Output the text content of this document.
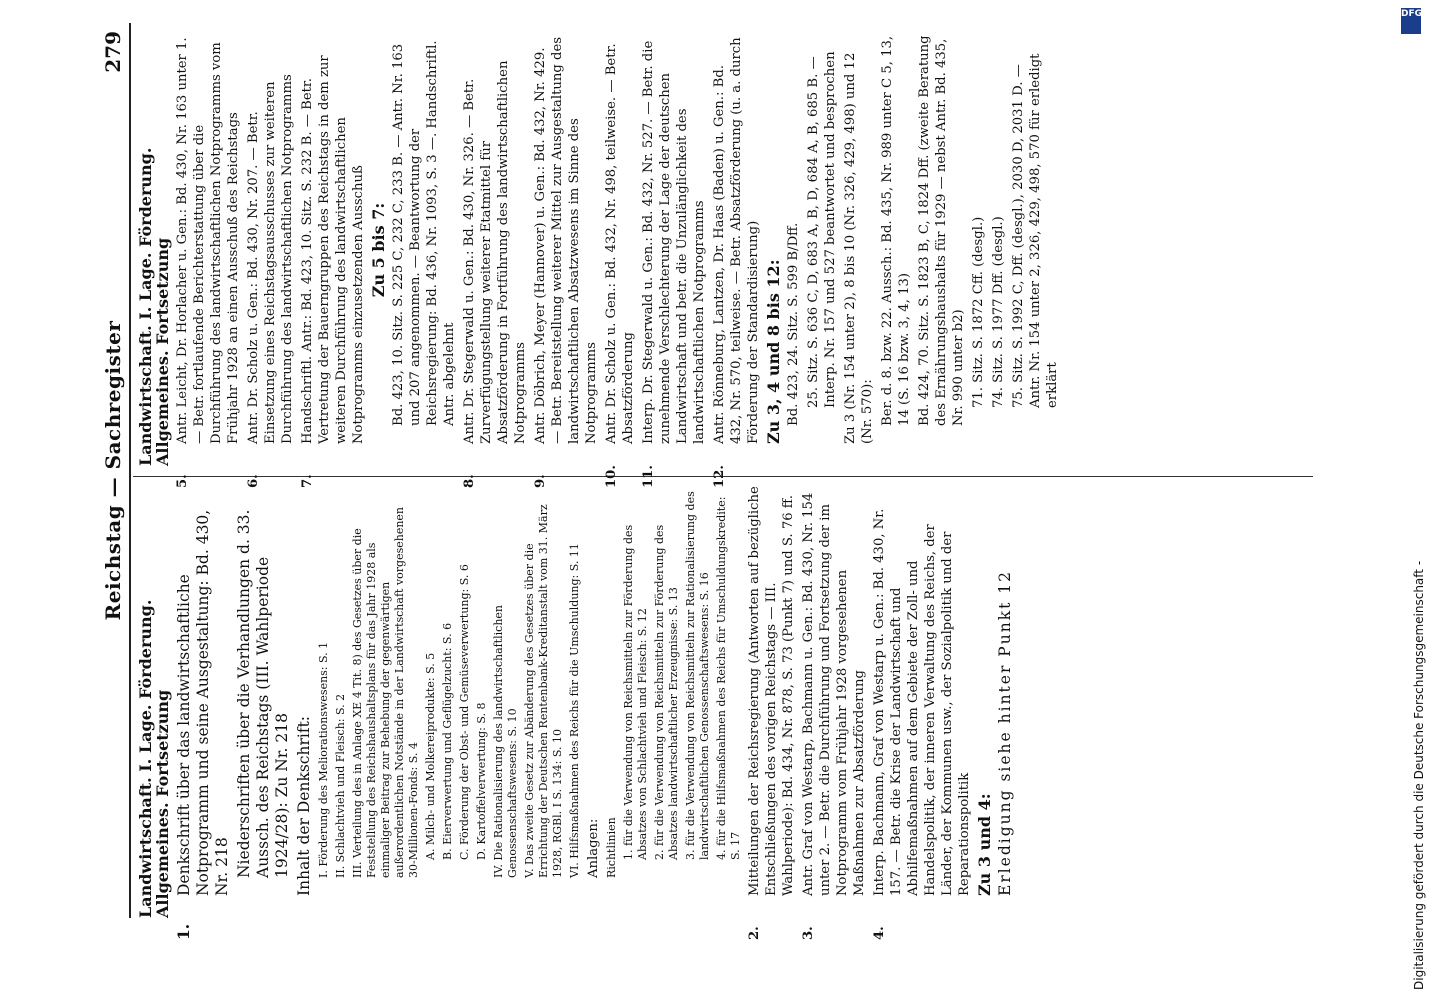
Reichstag — Sachregister
279

Landwirtschaft. I. Lage. Förderung. Allgemeines. Fortsetzung

1.Denkschrift über das landwirtschaftliche Notprogramm und seine Ausgestaltung: Bd. 430, Nr. 218 Niederschriften über die Verhandlungen d. 33. Aussch. des Reichstags (III. Wahlperiode 1924/28): Zu Nr. 218 Inhalt der Denkschrift: I. Förderung des Meliorationswesens: S. 1 II. Schlachtvieh und Fleisch: S. 2 III. Verteilung des in Anlage XE 4 Tit. 8) des Gesetzes über die Feststellung des Reichshaushaltsplans für das Jahr 1928 als einmaliger Beitrag zur Behebung der gegenwärtigen außerordentlichen Notstände in der Landwirtschaft vorgesehenen 30-Millionen-Fonds: S. 4 A. Milch- und Molkereiprodukte: S. 5 B. Eierverwertung und Geflügelzucht: S. 6 C. Förderung der Obst- und Gemüseverwertung: S. 6 D. Kartoffelverwertung: S. 8 IV. Die Rationalisierung des landwirtschaftlichen Genossenschaftswesens: S. 10 V. Das zweite Gesetz zur Abänderung des Gesetzes über die Errichtung der Deutschen Rentenbank-Kreditanstalt vom 31. März 1928, RGBl. I S. 134: S. 10 VI. Hilfsmaßnahmen des Reichs für die Umschuldung: S. 11 Anlagen: Richtlinien 1. für die Verwendung von Reichsmitteln zur Förderung des Absatzes von Schlachtvieh und Fleisch: S. 12 2. für die Verwendung von Reichsmitteln zur Förderung des Absatzes landwirtschaftlicher Erzeugnisse: S. 13 3. für die Verwendung von Reichsmitteln zur Rationalisierung des landwirtschaftlichen Genossenschaftswesens: S. 16 4. für die Hilfsmaßnahmen des Reichs für Umschuldungskredite: S. 17

2.Mitteilungen der Reichsregierung (Antworten auf bezügliche Entschließungen des vorigen Reichstags — III. Wahlperiode): Bd. 434, Nr. 878, S. 73 (Punkt 7) und S. 76 ff.

3.Antr. Graf von Westarp, Bachmann u. Gen.: Bd. 430, Nr. 154 unter 2. — Betr. die Durchführung und Fortsetzung der im Notprogramm vom Frühjahr 1928 vorgesehenen Maßnahmen zur Absatzförderung

4.Interp. Bachmann, Graf von Westarp u. Gen.: Bd. 430, Nr. 157. — Betr. die Krise der Landwirtschaft und Abhilfemaßnahmen auf dem Gebiete der Zoll- und Handelspolitik, der inneren Verwaltung des Reichs, der Länder, der Kommunen usw., der Sozialpolitik und der Reparationspolitik Zu 3 und 4: Erledigung siehe hinter Punkt 12

Landwirtschaft. I. Lage. Förderung. Allgemeines. Fortsetzung

5.Antr. Leicht, Dr. Horlacher u. Gen.: Bd. 430, Nr. 163 unter 1. — Betr. fortlaufende Berichterstattung über die Durchführung des landwirtschaftlichen Notprogramms vom Frühjahr 1928 an einen Ausschuß des Reichstags

6.Antr. Dr. Scholz u. Gen.: Bd. 430, Nr. 207. — Betr. Einsetzung eines Reichstagsausschusses zur weiteren Durchführung des landwirtschaftlichen Notprogramms

7.Handschriftl. Antr.: Bd. 423, 10. Sitz. S. 232 B. — Betr. Vertretung der Bauerngruppen des Reichstags in dem zur weiteren Durchführung des landwirtschaftlichen Notprogramms einzusetzenden Ausschuß Zu 5 bis 7: Bd. 423, 10. Sitz. S. 225 C, 232 C, 233 B. — Antr. Nr. 163 und 207 angenommen. — Beantwortung der Reichsregierung: Bd. 436, Nr. 1093, S. 3 —. Handschriftl. Antr. abgelehnt

8.Antr. Dr. Stegerwald u. Gen.: Bd. 430, Nr. 326. — Betr. Zurverfügungstellung weiterer Etatmittel für Absatzförderung in Fortführung des landwirtschaftlichen Notprogramms

9.Antr. Döbrich, Meyer (Hannover) u. Gen.: Bd. 432, Nr. 429. — Betr. Bereitstellung weiterer Mittel zur Ausgestaltung des landwirtschaftlichen Absatzwesens im Sinne des Notprogramms

10.Antr. Dr. Scholz u. Gen.: Bd. 432, Nr. 498, teilweise. — Betr. Absatzförderung

11.Interp. Dr. Stegerwald u. Gen.: Bd. 432, Nr. 527. — Betr. die zunehmende Verschlechterung der Lage der deutschen Landwirtschaft und betr. die Unzulänglichkeit des landwirtschaftlichen Notprogramms

12.Antr. Rönneburg, Lantzen, Dr. Haas (Baden) u. Gen.: Bd. 432, Nr. 570, teilweise. — Betr. Absatzförderung (u. a. durch Förderung der Standardisierung) Zu 3, 4 und 8 bis 12: Bd. 423, 24. Sitz. S. 599 B/Dff. 25. Sitz. S. 636 C, D, 683 A, B, D, 684 A, B, 685 B. — Interp. Nr. 157 und 527 beantwortet und besprochen Zu 3 (Nr. 154 unter 2), 8 bis 10 (Nr. 326, 429, 498) und 12 (Nr. 570): Ber. d. 8. bzw. 22. Aussch.: Bd. 435, Nr. 989 unter C 5, 13, 14 (S. 16 bzw. 3, 4, 13) Bd. 424, 70. Sitz. S. 1823 B, C, 1824 Dff. (zweite Beratung des Ernährungshaushalts für 1929 — nebst Antr. Bd. 435, Nr. 990 unter b2) 71. Sitz. S. 1872 Cff. (desgl.) 74. Sitz. S. 1977 Dff. (desgl.) 75. Sitz. S. 1992 C, Dff. (desgl.), 2030 D, 2031 D. — Antr. Nr. 154 unter 2, 326, 429, 498, 570 für erledigt erklärt

DFG
Digitalisierung gefördert durch die Deutsche Forschungsgemeinschaft -
